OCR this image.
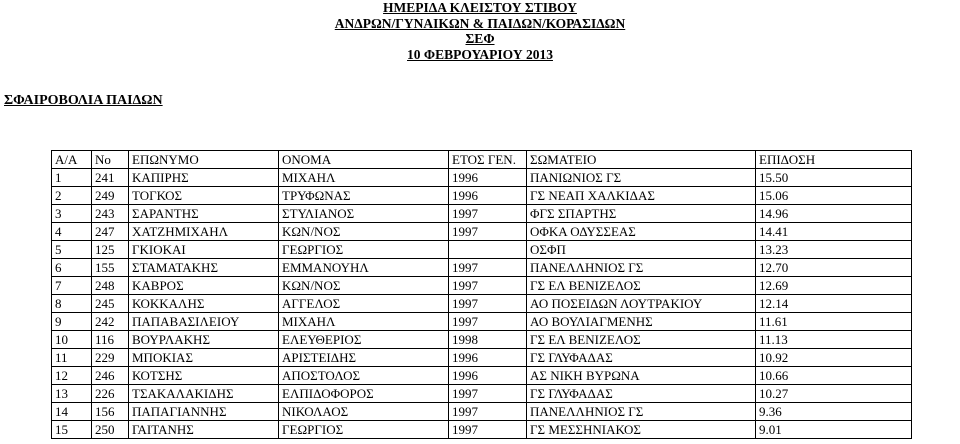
ΗΜΕΡΙΔΑ ΚΛΕΙΣΤΟΥ ΣΤΙΒΟΥ
ΑΝΔΡΩΝ/ΓΥΝΑΙΚΩΝ & ΠΑΙΔΩΝ/ΚΟΡΑΣΙΔΩΝ
ΣΕΦ
10 ΦΕΒΡΟΥΑΡΙΟΥ 2013
ΣΦΑΙΡΟΒΟΛΙΑ ΠΑΙΔΩΝ
Α/Α	Νο	ΕΠΩΝΥΜΟ	ΟΝΟΜΑ	ΕΤΟΣ ΓΕΝ.	ΣΩΜΑΤΕΙΟ	ΕΠΙΔΟΣΗ
1	241	ΚΑΠΙΡΗΣ	ΜΙΧΑΗΛ	1996	ΠΑΝΙΩΝΙΟΣ ΓΣ	15.50
2	249	ΤΟΓΚΟΣ	ΤΡΥΦΩΝΑΣ	1996	ΓΣ ΝΕΑΠ ΧΑΛΚΙΔΑΣ	15.06
3	243	ΣΑΡΑΝΤΗΣ	ΣΤΥΛΙΑΝΟΣ	1997	ΦΓΣ ΣΠΑΡΤΗΣ	14.96
4	247	ΧΑΤΖΗΜΙΧΑΗΛ	ΚΩΝ/ΝΟΣ	1997	ΟΦΚΑ ΟΔΥΣΣΕΑΣ	14.41
5	125	ΓΚΙΟΚΑΙ	ΓΕΩΡΓΙΟΣ		ΟΣΦΠ	13.23
6	155	ΣΤΑΜΑΤΑΚΗΣ	ΕΜΜΑΝΟΥΗΛ	1997	ΠΑΝΕΛΛΗΝΙΟΣ ΓΣ	12.70
7	248	ΚΑΒΡΟΣ	ΚΩΝ/ΝΟΣ	1997	ΓΣ ΕΛ ΒΕΝΙΖΕΛΟΣ	12.69
8	245	ΚΟΚΚΑΛΗΣ	ΑΓΓΕΛΟΣ	1997	ΑΟ ΠΟΣΕΙΔΩΝ ΛΟΥΤΡΑΚΙΟΥ	12.14
9	242	ΠΑΠΑΒΑΣΙΛΕΙΟΥ	ΜΙΧΑΗΛ	1997	ΑΟ ΒΟΥΛΙΑΓΜΕΝΗΣ	11.61
10	116	ΒΟΥΡΛΑΚΗΣ	ΕΛΕΥΘΕΡΙΟΣ	1998	ΓΣ ΕΛ ΒΕΝΙΖΕΛΟΣ	11.13
11	229	ΜΠΟΚΙΑΣ	ΑΡΙΣΤΕΙΔΗΣ	1996	ΓΣ ΓΛΥΦΑΔΑΣ	10.92
12	246	ΚΟΤΣΗΣ	ΑΠΟΣΤΟΛΟΣ	1996	ΑΣ ΝΙΚΗ ΒΥΡΩΝΑ	10.66
13	226	ΤΣΑΚΑΛΑΚΙΔΗΣ	ΕΛΠΙΔΟΦΟΡΟΣ	1997	ΓΣ ΓΛΥΦΑΔΑΣ	10.27
14	156	ΠΑΠΑΓΙΑΝΝΗΣ	ΝΙΚΟΛΑΟΣ	1997	ΠΑΝΕΛΛΗΝΙΟΣ ΓΣ	9.36
15	250	ΓΑΙΤΑΝΗΣ	ΓΕΩΡΓΙΟΣ	1997	ΓΣ ΜΕΣΣΗΝΙΑΚΟΣ	9.01
